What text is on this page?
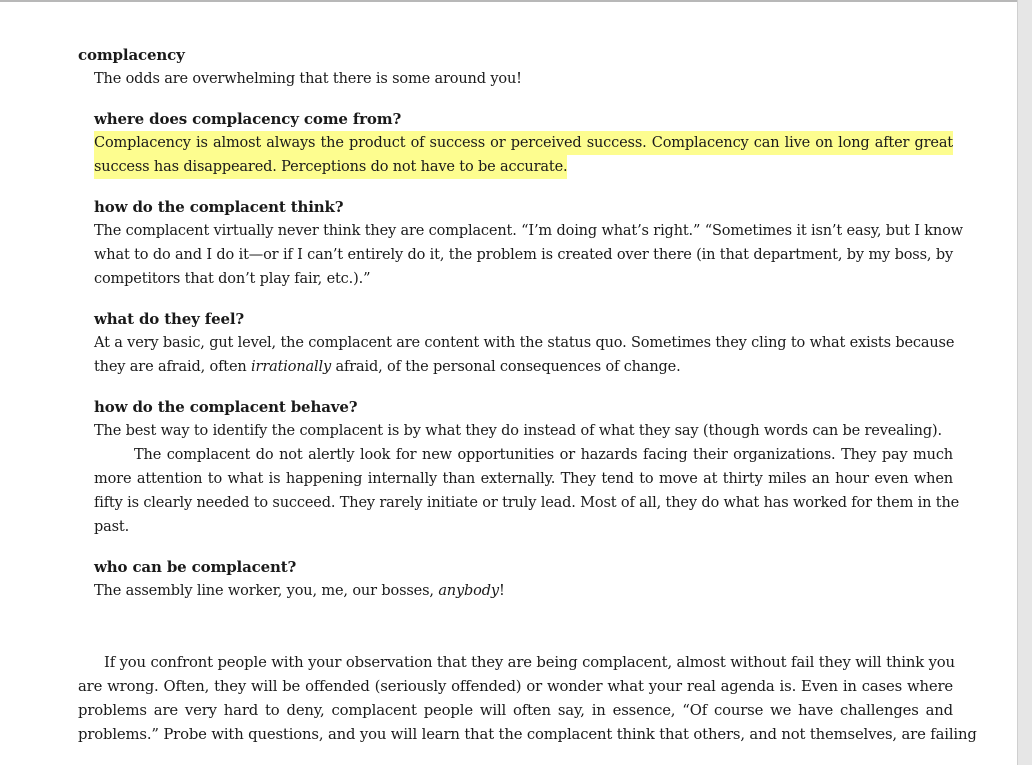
complacency
The odds are overwhelming that there is some around you!
where does complacency come from?
Complacency is almost always the product of success or perceived success. Complacency can live on long after great
success has disappeared. Perceptions do not have to be accurate.
how do the complacent think?
The complacent virtually never think they are complacent. “I’m doing what’s right.” “Sometimes it isn’t easy, but I know
what to do and I do it—or if I can’t entirely do it, the problem is created over there (in that department, by my boss, by
competitors that don’t play fair, etc.).”
what do they feel?
At a very basic, gut level, the complacent are content with the status quo. Sometimes they cling to what exists because
they are afraid, often irrationally afraid, of the personal consequences of change.
how do the complacent behave?
The best way to identify the complacent is by what they do instead of what they say (though words can be revealing).
The complacent do not alertly look for new opportunities or hazards facing their organizations. They pay much
more attention to what is happening internally than externally. They tend to move at thirty miles an hour even when
fifty is clearly needed to succeed. They rarely initiate or truly lead. Most of all, they do what has worked for them in the
past.
who can be complacent?
The assembly line worker, you, me, our bosses, anybody!
If you confront people with your observation that they are being complacent, almost without fail they will think you
are wrong. Often, they will be offended (seriously offended) or wonder what your real agenda is. Even in cases where
problems are very hard to deny, complacent people will often say, in essence, “Of course we have challenges and
problems.” Probe with questions, and you will learn that the complacent think that others, and not themselves, are failing
